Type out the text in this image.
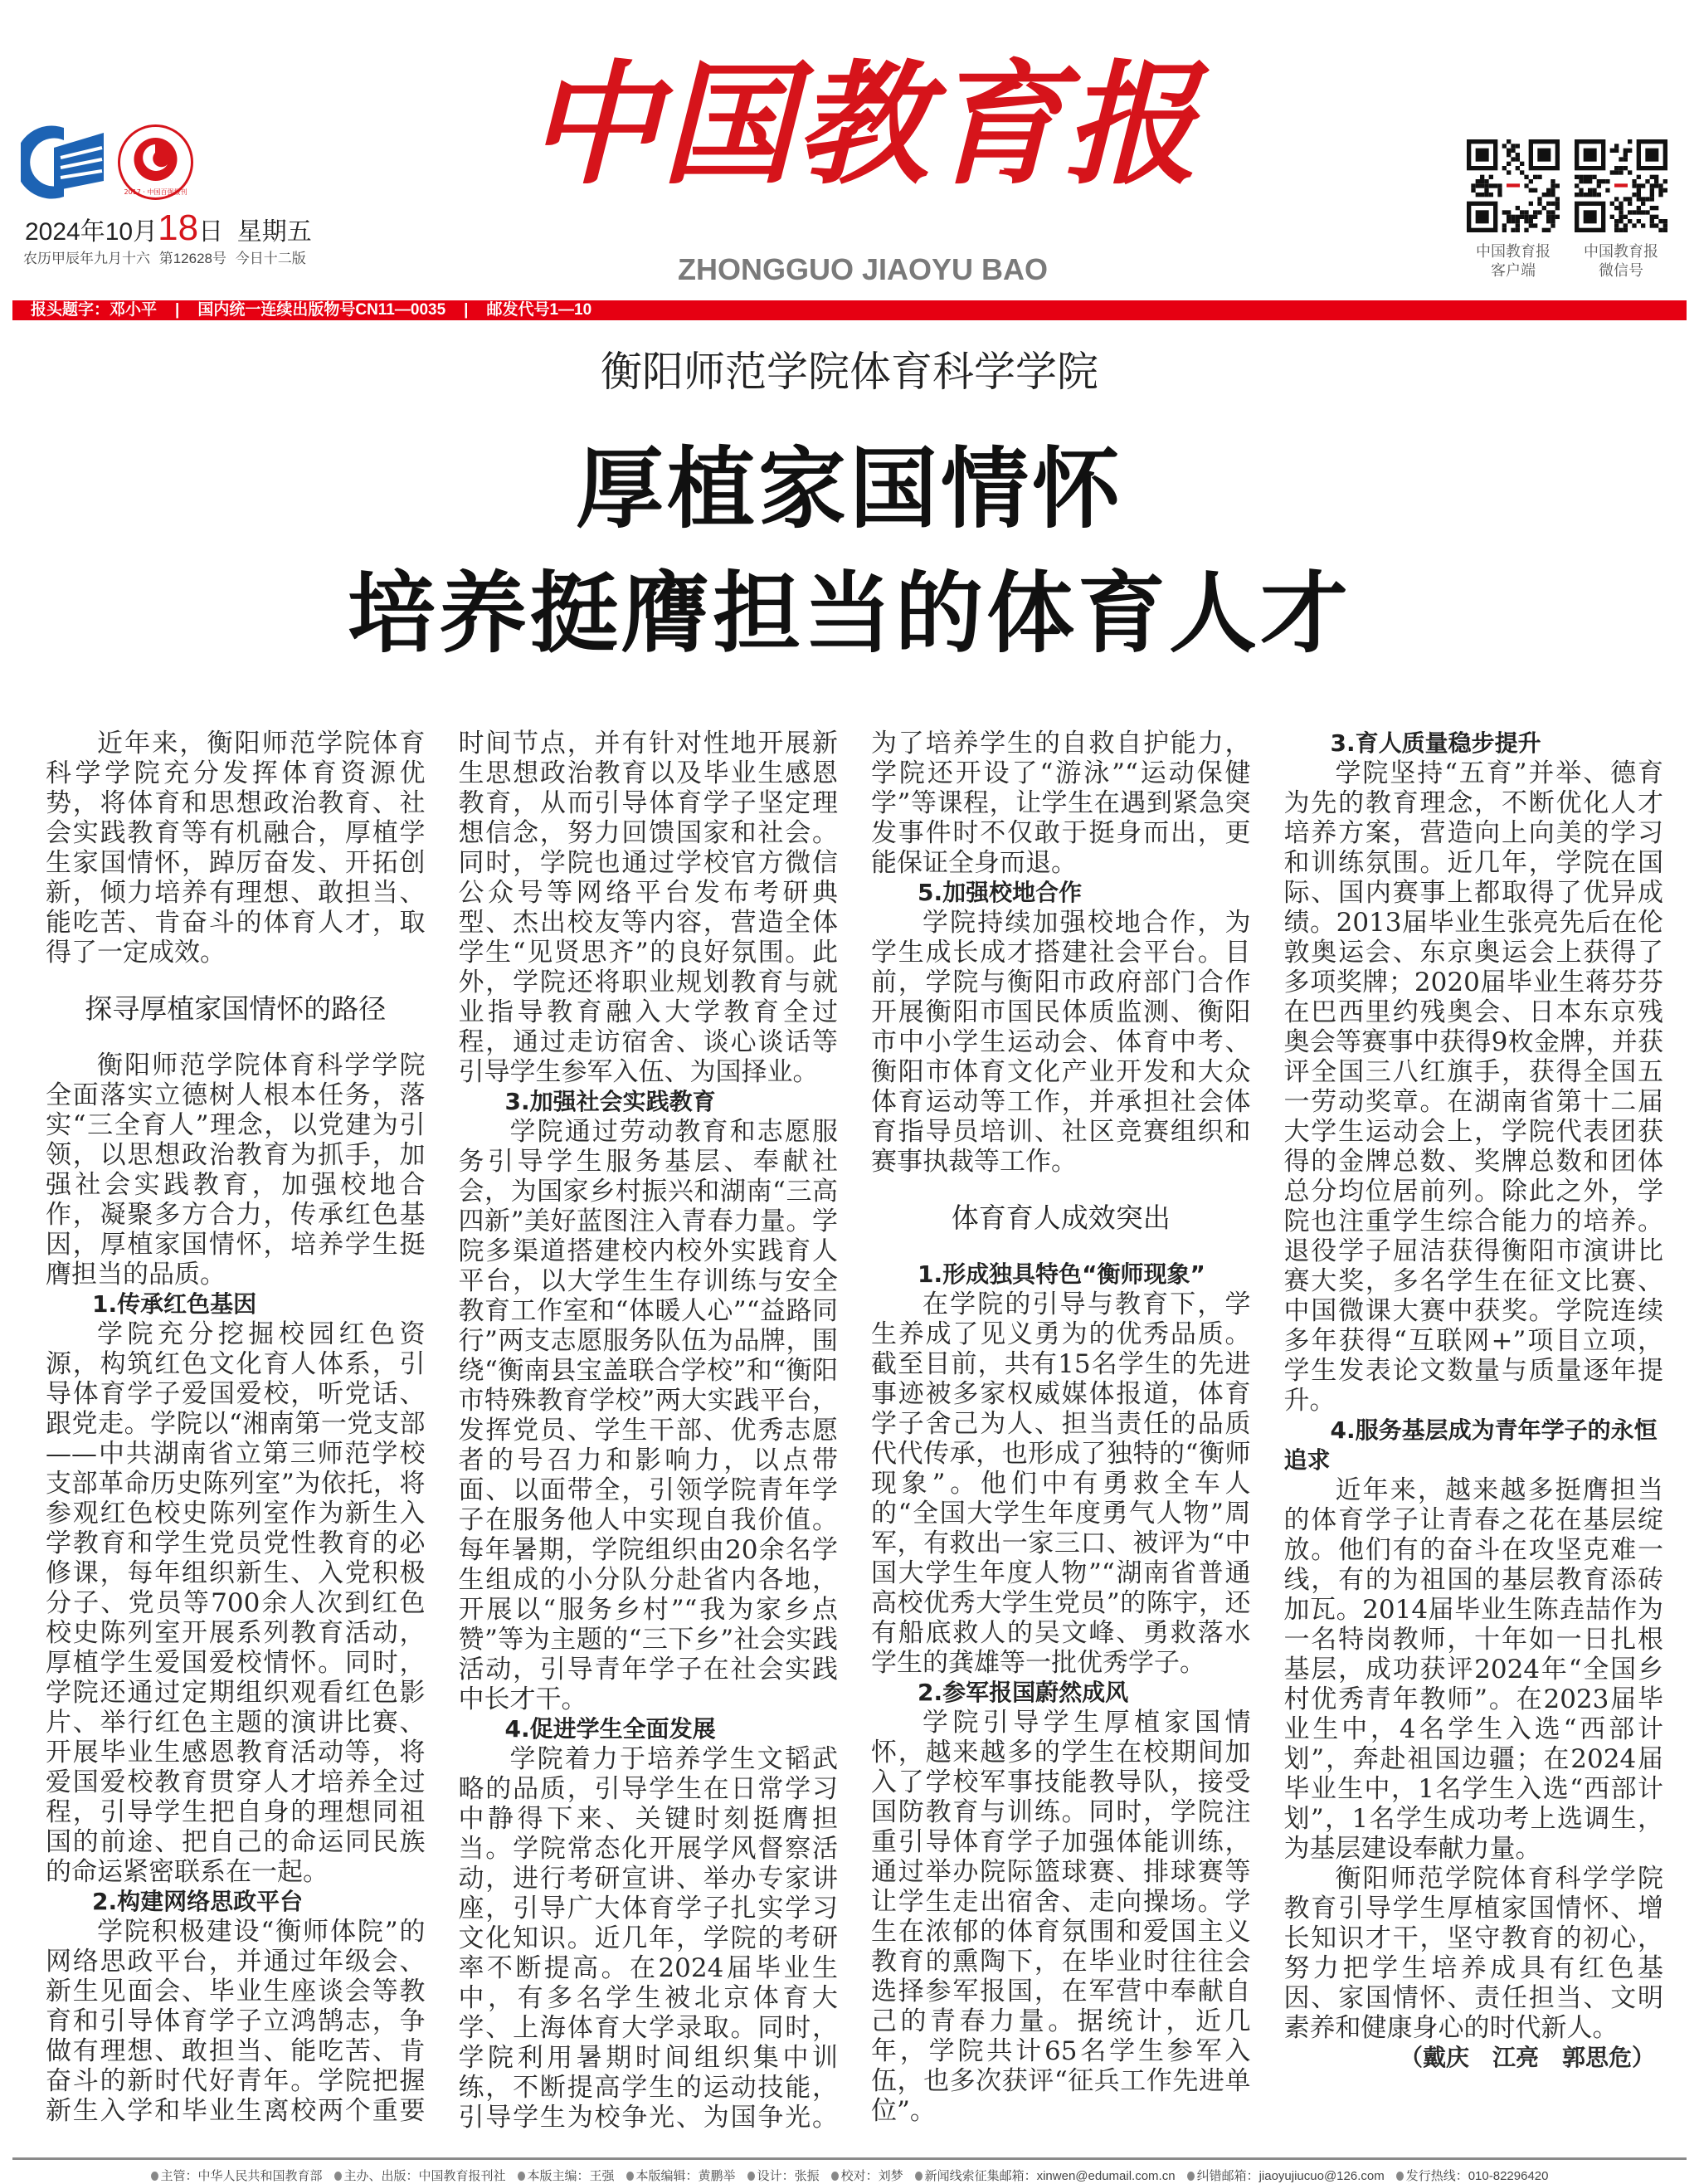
2017 · 中国百强报刊
2024年10月18日 星期五
农历甲辰年九月十六 第12628号 今日十二版
中国教育报
ZHONGGUO JIAOYU BAO
中国教育报
客户端
中国教育报
微信号
报头题字：邓小平 | 国内统一连续出版物号CN11—0035 | 邮发代号1—10
衡阳师范学院体育科学学院
厚植家国情怀
培养挺膺担当的体育人才

近年来，衡阳师范学院体育科学学院充分发挥体育资源优势，将体育和思想政治教育、社会实践教育等有机融合，厚植学生家国情怀，踔厉奋发、开拓创新，倾力培养有理想、敢担当、能吃苦、肯奋斗的体育人才，取得了一定成效。

探寻厚植家国情怀的路径

衡阳师范学院体育科学学院全面落实立德树人根本任务，落实“三全育人”理念，以党建为引领，以思想政治教育为抓手，加强社会实践教育，加强校地合作，凝聚多方合力，传承红色基因，厚植家国情怀，培养学生挺膺担当的品质。

1.传承红色基因

学院充分挖掘校园红色资源，构筑红色文化育人体系，引导体育学子爱国爱校，听党话、跟党走。学院以“湘南第一党支部——中共湖南省立第三师范学校支部革命历史陈列室”为依托，将参观红色校史陈列室作为新生入学教育和学生党员党性教育的必修课，每年组织新生、入党积极分子、党员等700余人次到红色校史陈列室开展系列教育活动，厚植学生爱国爱校情怀。同时，学院还通过定期组织观看红色影片、举行红色主题的演讲比赛、开展毕业生感恩教育活动等，将爱国爱校教育贯穿人才培养全过程，引导学生把自身的理想同祖国的前途、把自己的命运同民族的命运紧密联系在一起。

2.构建网络思政平台

学院积极建设“衡师体院”的网络思政平台，并通过年级会、新生见面会、毕业生座谈会等教育和引导体育学子立鸿鹄志，争做有理想、敢担当、能吃苦、肯奋斗的新时代好青年。学院把握新生入学和毕业生离校两个重要时间节点，并有针对性地开展新生思想政治教育以及毕业生感恩教育，从而引导体育学子坚定理想信念，努力回馈国家和社会。同时，学院也通过学校官方微信公众号等网络平台发布考研典型、杰出校友等内容，营造全体学生“见贤思齐”的良好氛围。此外，学院还将职业规划教育与就业指导教育融入大学教育全过程，通过走访宿舍、谈心谈话等引导学生参军入伍、为国择业。

3.加强社会实践教育

学院通过劳动教育和志愿服务引导学生服务基层、奉献社会，为国家乡村振兴和湖南“三高四新”美好蓝图注入青春力量。学院多渠道搭建校内校外实践育人平台，以大学生生存训练与安全教育工作室和“体暖人心”“益路同行”两支志愿服务队伍为品牌，围绕“衡南县宝盖联合学校”和“衡阳市特殊教育学校”两大实践平台，发挥党员、学生干部、优秀志愿者的号召力和影响力，以点带面、以面带全，引领学院青年学子在服务他人中实现自我价值。每年暑期，学院组织由20余名学生组成的小分队分赴省内各地，开展以“服务乡村”“我为家乡点赞”等为主题的“三下乡”社会实践活动，引导青年学子在社会实践中长才干。

4.促进学生全面发展

学院着力于培养学生文韬武略的品质，引导学生在日常学习中静得下来、关键时刻挺膺担当。学院常态化开展学风督察活动，进行考研宣讲、举办专家讲座，引导广大体育学子扎实学习文化知识。近几年，学院的考研率不断提高。在2024届毕业生中，有多名学生被北京体育大学、上海体育大学录取。同时，学院利用暑期时间组织集中训练，不断提高学生的运动技能，引导学生为校争光、为国争光。为了培养学生的自救自护能力，学院还开设了“游泳”“运动保健学”等课程，让学生在遇到紧急突发事件时不仅敢于挺身而出，更能保证全身而退。

5.加强校地合作

学院持续加强校地合作，为学生成长成才搭建社会平台。目前，学院与衡阳市政府部门合作开展衡阳市国民体质监测、衡阳市中小学生运动会、体育中考、衡阳市体育文化产业开发和大众体育运动等工作，并承担社会体育指导员培训、社区竞赛组织和赛事执裁等工作。

体育育人成效突出
1.形成独具特色“衡师现象”

在学院的引导与教育下，学生养成了见义勇为的优秀品质。截至目前，共有15名学生的先进事迹被多家权威媒体报道，体育学子舍己为人、担当责任的品质代代传承，也形成了独特的“衡师现象”。他们中有勇救全车人的“全国大学生年度勇气人物”周军，有救出一家三口、被评为“中国大学生年度人物”“湖南省普通高校优秀大学生党员”的陈宇，还有船底救人的吴文峰、勇救落水学生的龚雄等一批优秀学子。

2.参军报国蔚然成风

学院引导学生厚植家国情怀，越来越多的学生在校期间加入了学校军事技能教导队，接受国防教育与训练。同时，学院注重引导体育学子加强体能训练，通过举办院际篮球赛、排球赛等让学生走出宿舍、走向操场。学生在浓郁的体育氛围和爱国主义教育的熏陶下，在毕业时往往会选择参军报国，在军营中奉献自己的青春力量。据统计，近几年，学院共计65名学生参军入伍，也多次获评“征兵工作先进单位”。

3.育人质量稳步提升

学院坚持“五育”并举、德育为先的教育理念，不断优化人才培养方案，营造向上向美的学习和训练氛围。近几年，学院在国际、国内赛事上都取得了优异成绩。2013届毕业生张亮先后在伦敦奥运会、东京奥运会上获得了多项奖牌；2020届毕业生蒋芬芬在巴西里约残奥会、日本东京残奥会等赛事中获得9枚金牌，并获评全国三八红旗手，获得全国五一劳动奖章。在湖南省第十二届大学生运动会上，学院代表团获得的金牌总数、奖牌总数和团体总分均位居前列。除此之外，学院也注重学生综合能力的培养。退役学子屈洁获得衡阳市演讲比赛大奖，多名学生在征文比赛、中国微课大赛中获奖。学院连续多年获得“互联网+”项目立项，学生发表论文数量与质量逐年提升。

4.服务基层成为青年学子的永恒追求

近年来，越来越多挺膺担当的体育学子让青春之花在基层绽放。他们有的奋斗在攻坚克难一线，有的为祖国的基层教育添砖加瓦。2014届毕业生陈垚喆作为一名特岗教师，十年如一日扎根基层，成功获评2024年“全国乡村优秀青年教师”。在2023届毕业生中，4名学生入选“西部计划”，奔赴祖国边疆；在2024届毕业生中，1名学生入选“西部计划”，1名学生成功考上选调生，为基层建设奉献力量。

衡阳师范学院体育科学学院教育引导学生厚植家国情怀、增长知识才干，坚守教育的初心，努力把学生培养成具有红色基因、家国情怀、责任担当、文明素养和健康身心的时代新人。

（戴庆　江亮　郭思危）

主管：中华人民共和国教育部 主办、出版：中国教育报刊社 本版主编：王强 本版编辑：黄鹏举 设计：张振 校对：刘梦 新闻线索征集邮箱：xinwen@edumail.com.cn 纠错邮箱：jiaoyujiucuo@126.com 发行热线：010-82296420
